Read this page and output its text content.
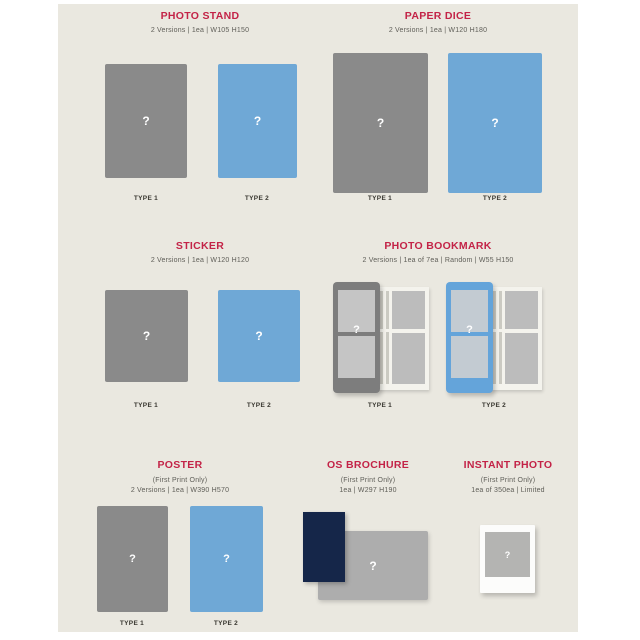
PHOTO STAND
2 Versions | 1ea | W105 H150
?	?
TYPE 1	TYPE 2
PAPER DICE
2 Versions | 1ea | W120 H180
?	?
TYPE 1	TYPE 2
STICKER
2 Versions | 1ea | W120 H120
?	?
TYPE 1	TYPE 2
PHOTO BOOKMARK
2 Versions | 1ea of 7ea | Random | W55 H150
?	?
TYPE 1	TYPE 2
POSTER
(First Print Only)
2 Versions | 1ea | W390 H570
?	?
TYPE 1	TYPE 2
OS BROCHURE
(First Print Only)
1ea | W297 H190
?
INSTANT PHOTO
(First Print Only)
1ea of 350ea | Limited
?
